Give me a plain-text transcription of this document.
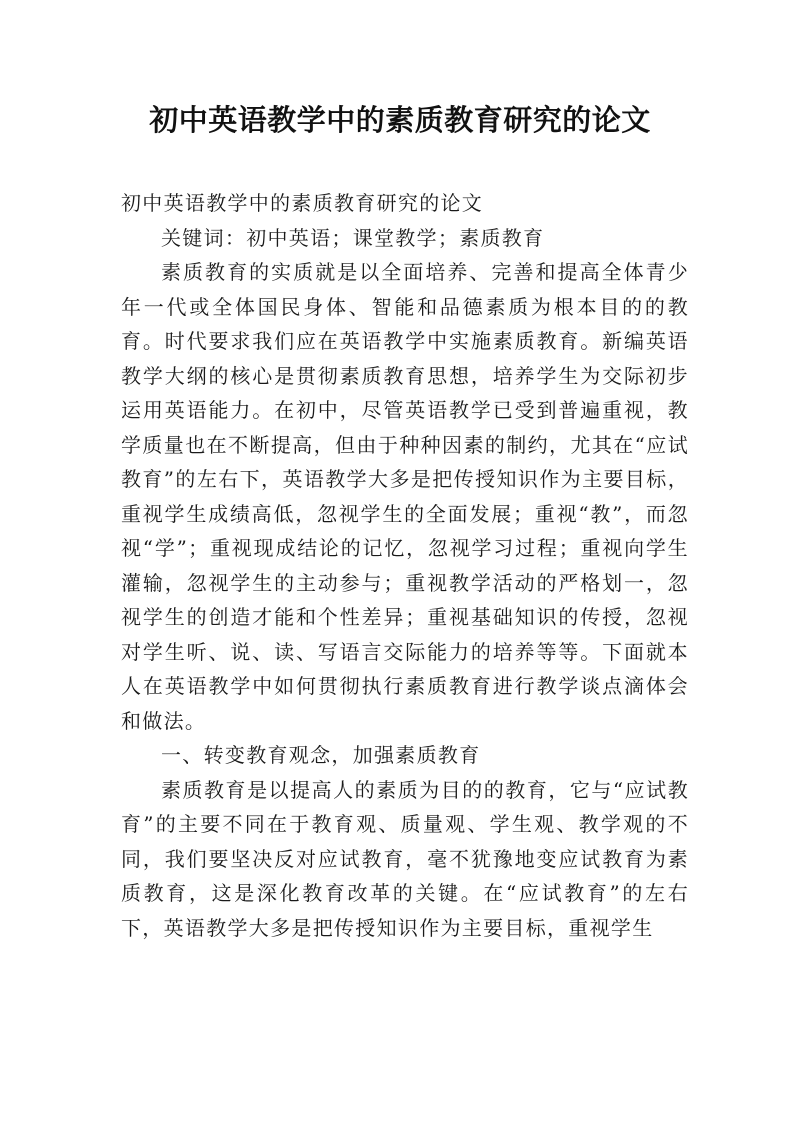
初中英语教学中的素质教育研究的论文

初中英语教学中的素质教育研究的论文

关键词：初中英语；课堂教学；素质教育

素质教育的实质就是以全面培养、完善和提高全体青少年一代或全体国民身体、智能和品德素质为根本目的的教育。时代要求我们应在英语教学中实施素质教育。新编英语教学大纲的核心是贯彻素质教育思想，培养学生为交际初步运用英语能力。在初中，尽管英语教学已受到普遍重视，教学质量也在不断提高，但由于种种因素的制约，尤其在“应试教育”的左右下，英语教学大多是把传授知识作为主要目标，重视学生成绩高低，忽视学生的全面发展；重视“教”，而忽视“学”；重视现成结论的记忆，忽视学习过程；重视向学生灌输，忽视学生的主动参与；重视教学活动的严格划一，忽视学生的创造才能和个性差异；重视基础知识的传授，忽视对学生听、说、读、写语言交际能力的培养等等。下面就本人在英语教学中如何贯彻执行素质教育进行教学谈点滴体会和做法。

一、转变教育观念，加强素质教育

素质教育是以提高人的素质为目的的教育，它与“应试教育”的主要不同在于教育观、质量观、学生观、教学观的不同，我们要坚决反对应试教育，毫不犹豫地变应试教育为素质教育，这是深化教育改革的关键。在“应试教育”的左右下，英语教学大多是把传授知识作为主要目标，重视学生
